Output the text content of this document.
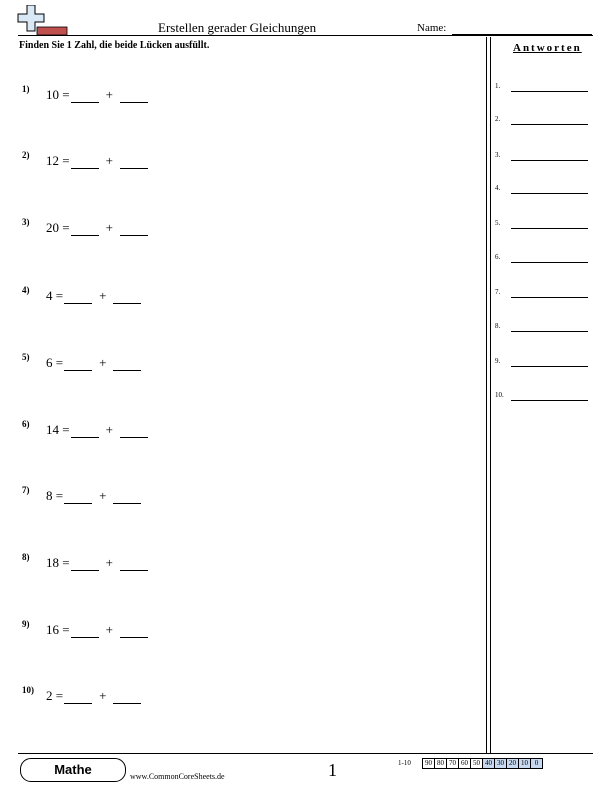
Erstellen gerader Gleichungen	Name:
Finden Sie 1 Zahl, die beide Lücken ausfüllt.
1) 10 =	+
2) 12 =	+
3) 20 =	+
4) 4 =	+
5) 6 =	+
6) 14 =	+
7) 8 =	+
8) 18 =	+
9) 16 =	+
10) 2 =	+
Antworten
1.
2.
3.
4.
5.
6.
7.
8.
9.
10.
Mathe	www.CommonCoreSheets.de	1	1-10	90 80 70 60 50 40 30 20 10 0
